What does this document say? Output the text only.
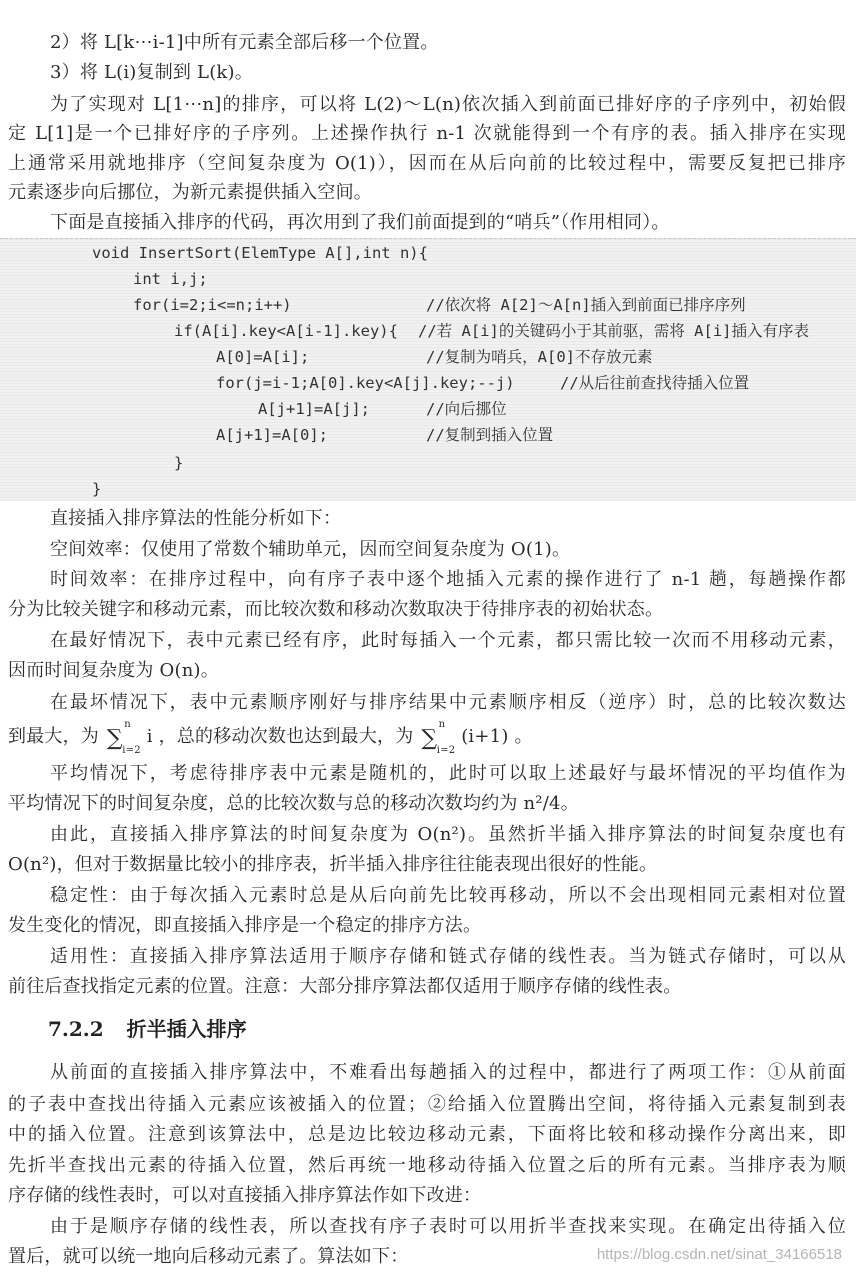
2）将 L[k⋯i-1]中所有元素全部后移一个位置。
3）将 L(i)复制到 L(k)。
为了实现对 L[1⋯n]的排序，可以将 L(2)～L(n)依次插入到前面已排好序的子序列中，初始假
定 L[1]是一个已排好序的子序列。上述操作执行 n-1 次就能得到一个有序的表。插入排序在实现
上通常采用就地排序（空间复杂度为 O(1)），因而在从后向前的比较过程中，需要反复把已排序
元素逐步向后挪位，为新元素提供插入空间。
下面是直接插入排序的代码，再次用到了我们前面提到的“哨兵”（作用相同）。
void InsertSort(ElemType A[],int n){
int i,j;
for(i=2;i<=n;i++)	//依次将 A[2]～A[n]插入到前面已排序序列
if(A[i].key<A[i-1].key){ //若 A[i]的关键码小于其前驱，需将 A[i]插入有序表
A[0]=A[i];	//复制为哨兵，A[0]不存放元素
for(j=i-1;A[0].key<A[j].key;--j)	//从后往前查找待插入位置
A[j+1]=A[j];	//向后挪位
A[j+1]=A[0];	//复制到插入位置
}
}
直接插入排序算法的性能分析如下：
空间效率：仅使用了常数个辅助单元，因而空间复杂度为 O(1)。
时间效率：在排序过程中，向有序子表中逐个地插入元素的操作进行了 n-1 趟，每趟操作都
分为比较关键字和移动元素，而比较次数和移动次数取决于待排序表的初始状态。
在最好情况下，表中元素已经有序，此时每插入一个元素，都只需比较一次而不用移动元素，
因而时间复杂度为 O(n)。
在最坏情况下，表中元素顺序刚好与排序结果中元素顺序相反（逆序）时，总的比较次数达
到最大，为 ∑
n
i=2
i ，总的移动次数也达到最大，为 ∑
n
i=2
(i+1) 。
平均情况下，考虑待排序表中元素是随机的，此时可以取上述最好与最坏情况的平均值作为
平均情况下的时间复杂度，总的比较次数与总的移动次数均约为 n²/4。
由此，直接插入排序算法的时间复杂度为 O(n²)。虽然折半插入排序算法的时间复杂度也有
O(n²)，但对于数据量比较小的排序表，折半插入排序往往能表现出很好的性能。
稳定性：由于每次插入元素时总是从后向前先比较再移动，所以不会出现相同元素相对位置
发生变化的情况，即直接插入排序是一个稳定的排序方法。
适用性：直接插入排序算法适用于顺序存储和链式存储的线性表。当为链式存储时，可以从
前往后查找指定元素的位置。注意：大部分排序算法都仅适用于顺序存储的线性表。
7.2.2 折半插入排序
从前面的直接插入排序算法中，不难看出每趟插入的过程中，都进行了两项工作：①从前面
的子表中查找出待插入元素应该被插入的位置；②给插入位置腾出空间，将待插入元素复制到表
中的插入位置。注意到该算法中，总是边比较边移动元素，下面将比较和移动操作分离出来，即
先折半查找出元素的待插入位置，然后再统一地移动待插入位置之后的所有元素。当排序表为顺
序存储的线性表时，可以对直接插入排序算法作如下改进：
由于是顺序存储的线性表，所以查找有序子表时可以用折半查找来实现。在确定出待插入位
置后，就可以统一地向后移动元素了。算法如下：	https://blog.csdn.net/sinat_34166518
